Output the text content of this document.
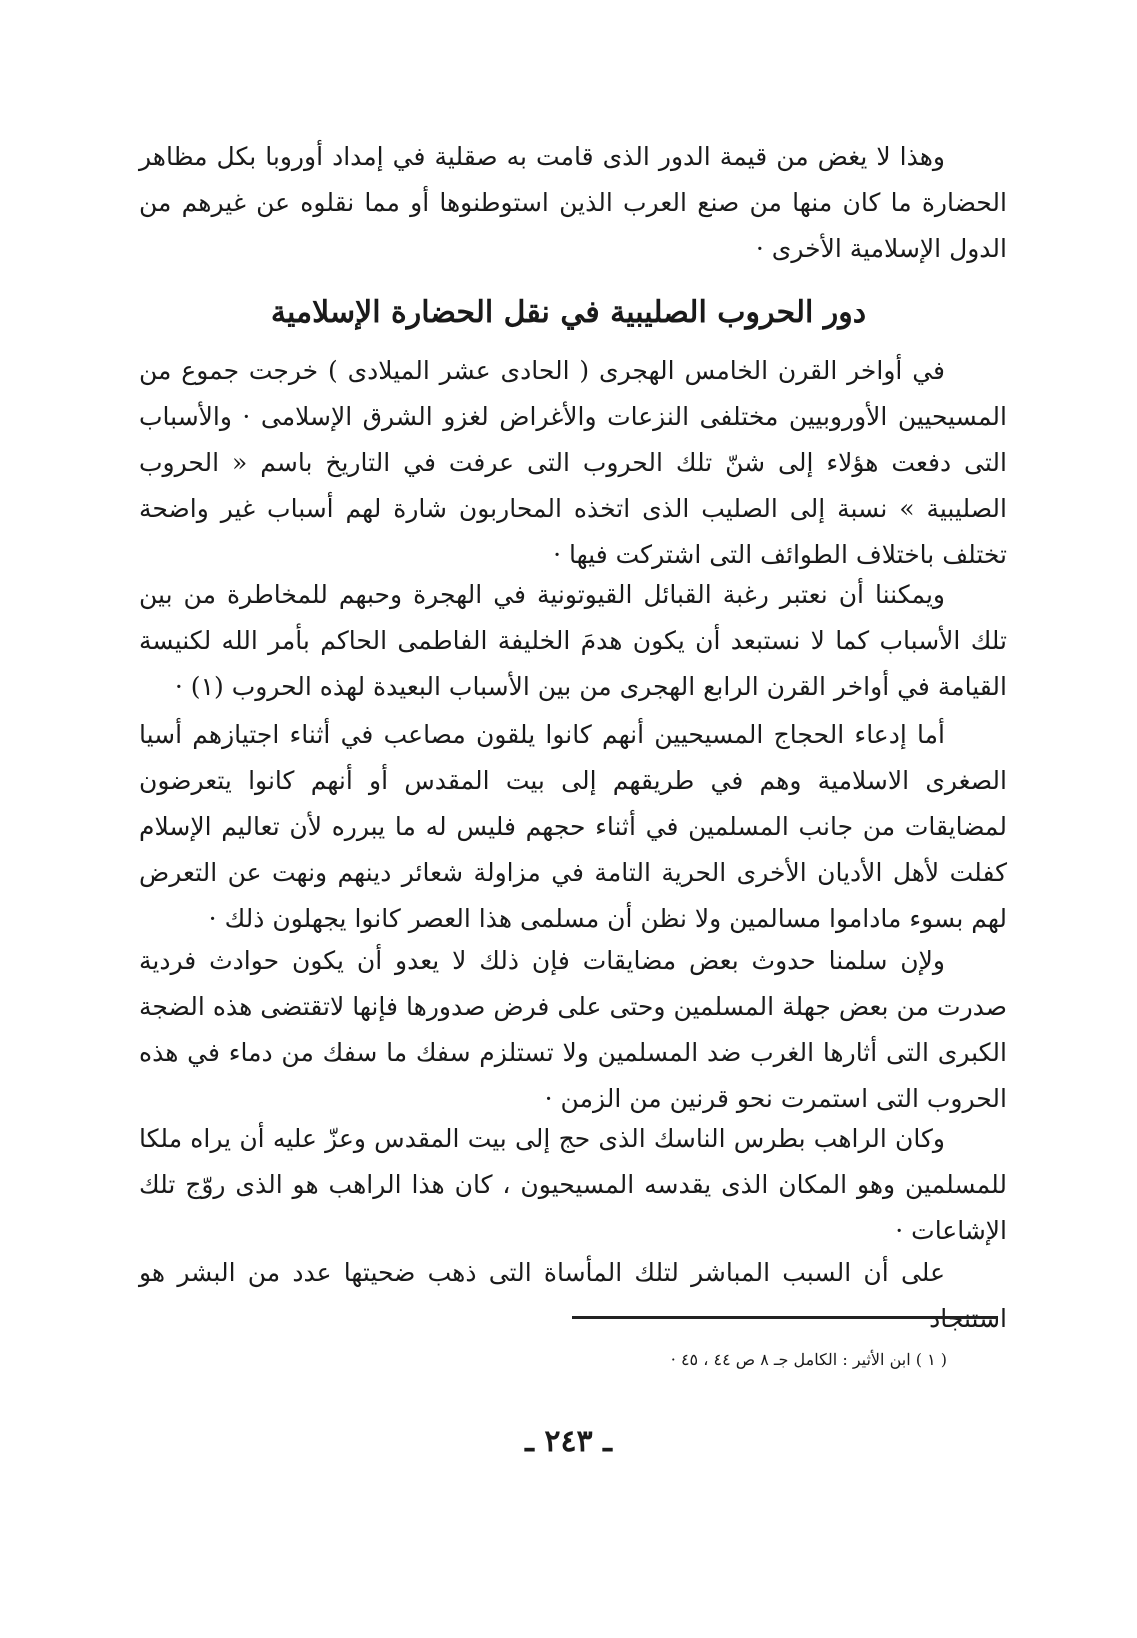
وهذا لا يغض من قيمة الدور الذى قامت به صقلية في إمداد أوروبا بكل مظاهر الحضارة ما كان منها من صنع العرب الذين استوطنوها أو مما نقلوه عن غيرهم من الدول الإسلامية الأخرى ·

دور الحروب الصليبية في نقل الحضارة الإسلامية

في أواخر القرن الخامس الهجرى ( الحادى عشر الميلادى ) خرجت جموع من المسيحيين الأوروبيين مختلفى النزعات والأغراض لغزو الشرق الإسلامى · والأسباب التى دفعت هؤلاء إلى شنّ تلك الحروب التى عرفت في التاريخ باسم « الحروب الصليبية » نسبة إلى الصليب الذى اتخذه المحاربون شارة لهم أسباب غير واضحة تختلف باختلاف الطوائف التى اشتركت فيها ·

ويمكننا أن نعتبر رغبة القبائل القيوتونية في الهجرة وحبهم للمخاطرة من بين تلك الأسباب كما لا نستبعد أن يكون هدمَ الخليفة الفاطمى الحاكم بأمر الله لكنيسة القيامة في أواخر القرن الرابع الهجرى من بين الأسباب البعيدة لهذه الحروب (١) ·

أما إدعاء الحجاج المسيحيين أنهم كانوا يلقون مصاعب في أثناء اجتيازهم أسيا الصغرى الاسلامية وهم في طريقهم إلى بيت المقدس أو أنهم كانوا يتعرضون لمضايقات من جانب المسلمين في أثناء حجهم فليس له ما يبرره لأن تعاليم الإسلام كفلت لأهل الأديان الأخرى الحرية التامة في مزاولة شعائر دينهم ونهت عن التعرض لهم بسوء ماداموا مسالمين ولا نظن أن مسلمى هذا العصر كانوا يجهلون ذلك ·

ولإن سلمنا حدوث بعض مضايقات فإن ذلك لا يعدو أن يكون حوادث فردية صدرت من بعض جهلة المسلمين وحتى على فرض صدورها فإنها لاتقتضى هذه الضجة الكبرى التى أثارها الغرب ضد المسلمين ولا تستلزم سفك ما سفك من دماء في هذه الحروب التى استمرت نحو قرنين من الزمن ·

وكان الراهب بطرس الناسك الذى حج إلى بيت المقدس وعزّ عليه أن يراه ملكا للمسلمين وهو المكان الذى يقدسه المسيحيون ، كان هذا الراهب هو الذى روّج تلك الإشاعات ·

على أن السبب المباشر لتلك المأساة التى ذهب ضحيتها عدد من البشر هو استنجاد

( ١ ) ابن الأثير : الكامل جـ ٨ ص ٤٤ ، ٤٥ ·

ـ ٢٤٣ ـ
